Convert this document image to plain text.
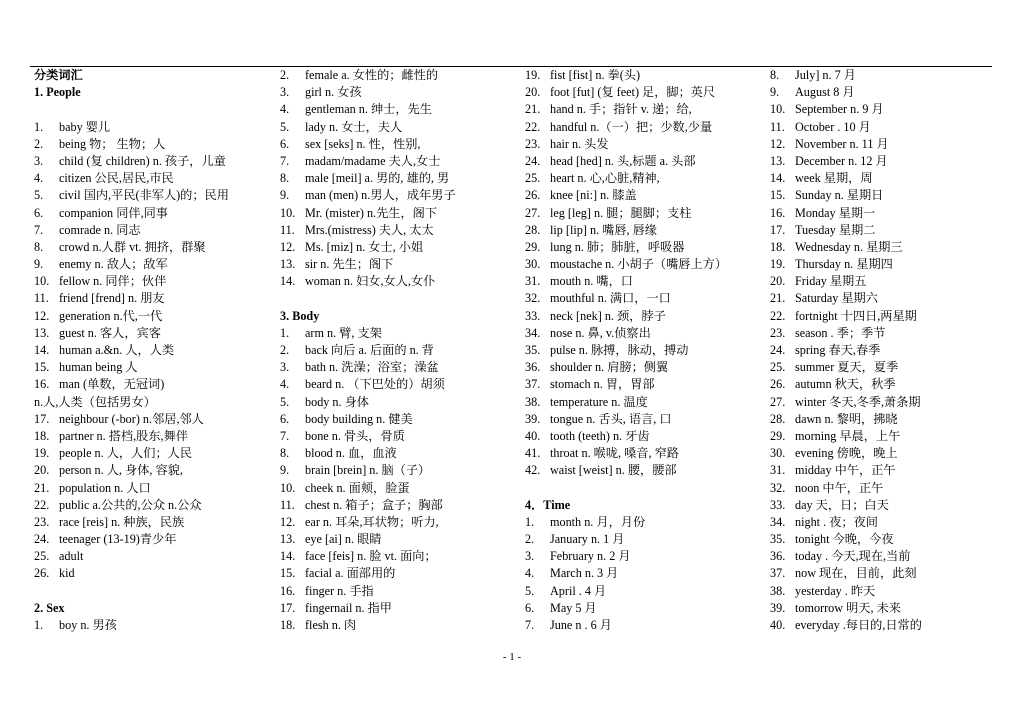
分类词汇
1. People
1. baby 婴儿
2. being 物； 生物；人
3. child (复 children) n. 孩子，儿童
4. citizen 公民,居民,市民
5. civil 国内,平民(非军人)的；民用
6. companion 同伴,同事
7. comrade n. 同志
8. crowd n.人群 vt. 拥挤，群聚
9. enemy n. 敌人；敌军
10. fellow n. 同伴；伙伴
11. friend [frend] n. 朋友
12. generation n.代,一代
13. guest n. 客人，宾客
14. human a.&n. 人，人类
15. human being 人
16. man (单数，无冠词)
n.人,人类（包括男女）
17. neighbour (-bor) n.邻居,邻人
18. partner n. 搭档,股东,舞伴
19. people n. 人，人们；人民
20. person n. 人, 身体, 容貌,
21. population n. 人口
22. public a.公共的,公众 n.公众
23. race [reis] n. 种族，民族
24. teenager (13-19)青少年
25. adult
26. kid
2. Sex
1. boy n. 男孩
2. female a. 女性的；雌性的
3. girl n. 女孩
4. gentleman n. 绅士，先生
5. lady n. 女士，夫人
6. sex [seks] n. 性，性别,
7. madam/madame 夫人,女士
8. male [meil] a. 男的, 雄的, 男
9. man (men) n.男人，成年男子
10. Mr. (mister) n.先生，阁下
11. Mrs.(mistress) 夫人, 太太
12. Ms. [miz] n. 女士, 小姐
13. sir n. 先生；阁下
14. woman n. 妇女,女人,女仆
3. Body
1. arm n. 臂, 支架
2. back 向后 a. 后面的 n. 背
3. bath n. 洗澡；浴室；澡盆
4. beard n. （下巴处的）胡须
5. body n. 身体
6. body building n. 健美
7. bone n. 骨头，骨质
8. blood n. 血，血液
9. brain [brein] n. 脑（子）
10. cheek n. 面颊，脸蛋
11. chest n. 箱子；盒子；胸部
12. ear n. 耳朵,耳状物；听力,
13. eye [ai] n. 眼睛
14. face [feis] n. 脸 vt. 面向；
15. facial a. 面部用的
16. finger n. 手指
17. fingernail n. 指甲
18. flesh n. 肉
19. fist [fist] n. 拳(头)
20. foot [fut] (复 feet) 足，脚；英尺
21. hand n. 手；指针 v. 递；给,
22. handful n.（一）把；少数,少量
23. hair n. 头发
24. head [hed] n. 头,标题 a. 头部
25. heart n. 心,心脏,精神,
26. knee [ni:] n. 膝盖
27. leg [leg] n. 腿；腿脚；支柱
28. lip [lip] n. 嘴唇, 唇缘
29. lung n. 肺；肺脏，呼吸器
30. moustache n. 小胡子（嘴唇上方）
31. mouth n. 嘴，口
32. mouthful n. 满口，一口
33. neck [nek] n. 颈，脖子
34. nose n. 鼻, v.侦察出
35. pulse n. 脉搏，脉动，搏动
36. shoulder n. 肩膀；侧翼
37. stomach n. 胃，胃部
38. temperature n. 温度
39. tongue n. 舌头, 语言, 口
40. tooth (teeth) n. 牙齿
41. throat n. 喉咙, 嗓音, 窄路
42. waist [weist] n. 腰，腰部
4．Time
1. month n. 月，月份
2. January n. 1 月
3. February n. 2 月
4. March n. 3 月
5. April . 4 月
6. May 5 月
7. June n . 6 月
8. July] n. 7 月
9. August 8 月
10. September n. 9 月
11. October . 10 月
12. November n. 11 月
13. December n. 12 月
14. week 星期，周
15. Sunday n. 星期日
16. Monday 星期一
17. Tuesday 星期二
18. Wednesday n. 星期三
19. Thursday n. 星期四
20. Friday 星期五
21. Saturday 星期六
22. fortnight 十四日,两星期
23. season . 季；季节
24. spring 春天,春季
25. summer 夏天，夏季
26. autumn 秋天，秋季
27. winter 冬天,冬季,萧条期
28. dawn n. 黎明，拂晓
29. morning 早晨，上午
30. evening 傍晚，晚上
31. midday 中午，正午
32. noon 中午，正午
33. day 天，日；白天
34. night . 夜；夜间
35. tonight 今晚，今夜
36. today . 今天,现在,当前
37. now 现在，目前，此刻
38. yesterday . 昨天
39. tomorrow 明天, 未来
40. everyday .每日的,日常的
- 1 -
